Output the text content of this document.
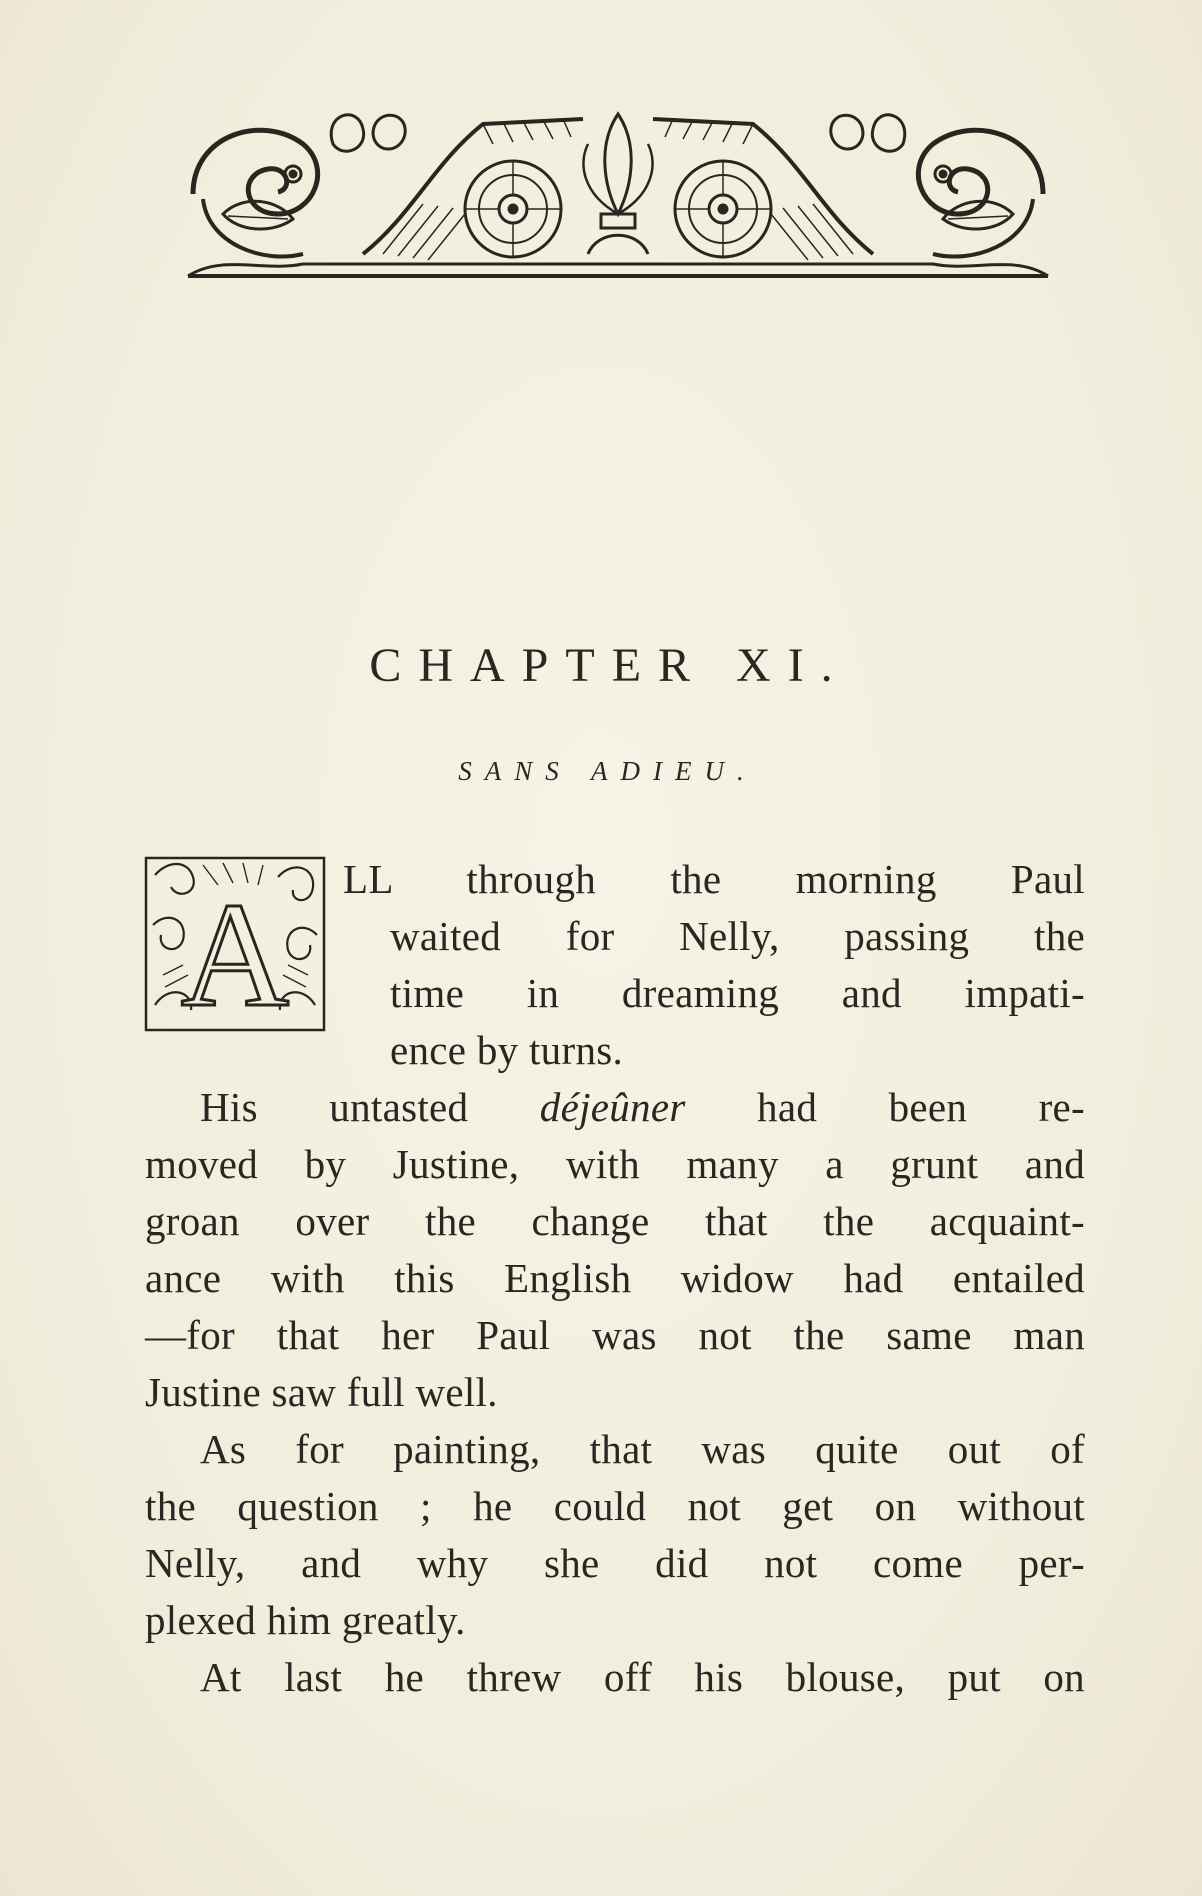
CHAPTER XI.
SANS ADIEU.
A LL through the morning Paul
waited for Nelly, passing the
time in dreaming and impati-
ence by turns.
His untasted déjeûner had been re-
moved by Justine, with many a grunt and
groan over the change that the acquaint-
ance with this English widow had entailed
—for that her Paul was not the same man
Justine saw full well.
As for painting, that was quite out of
the question ; he could not get on without
Nelly, and why she did not come per-
plexed him greatly.
At last he threw off his blouse, put on
